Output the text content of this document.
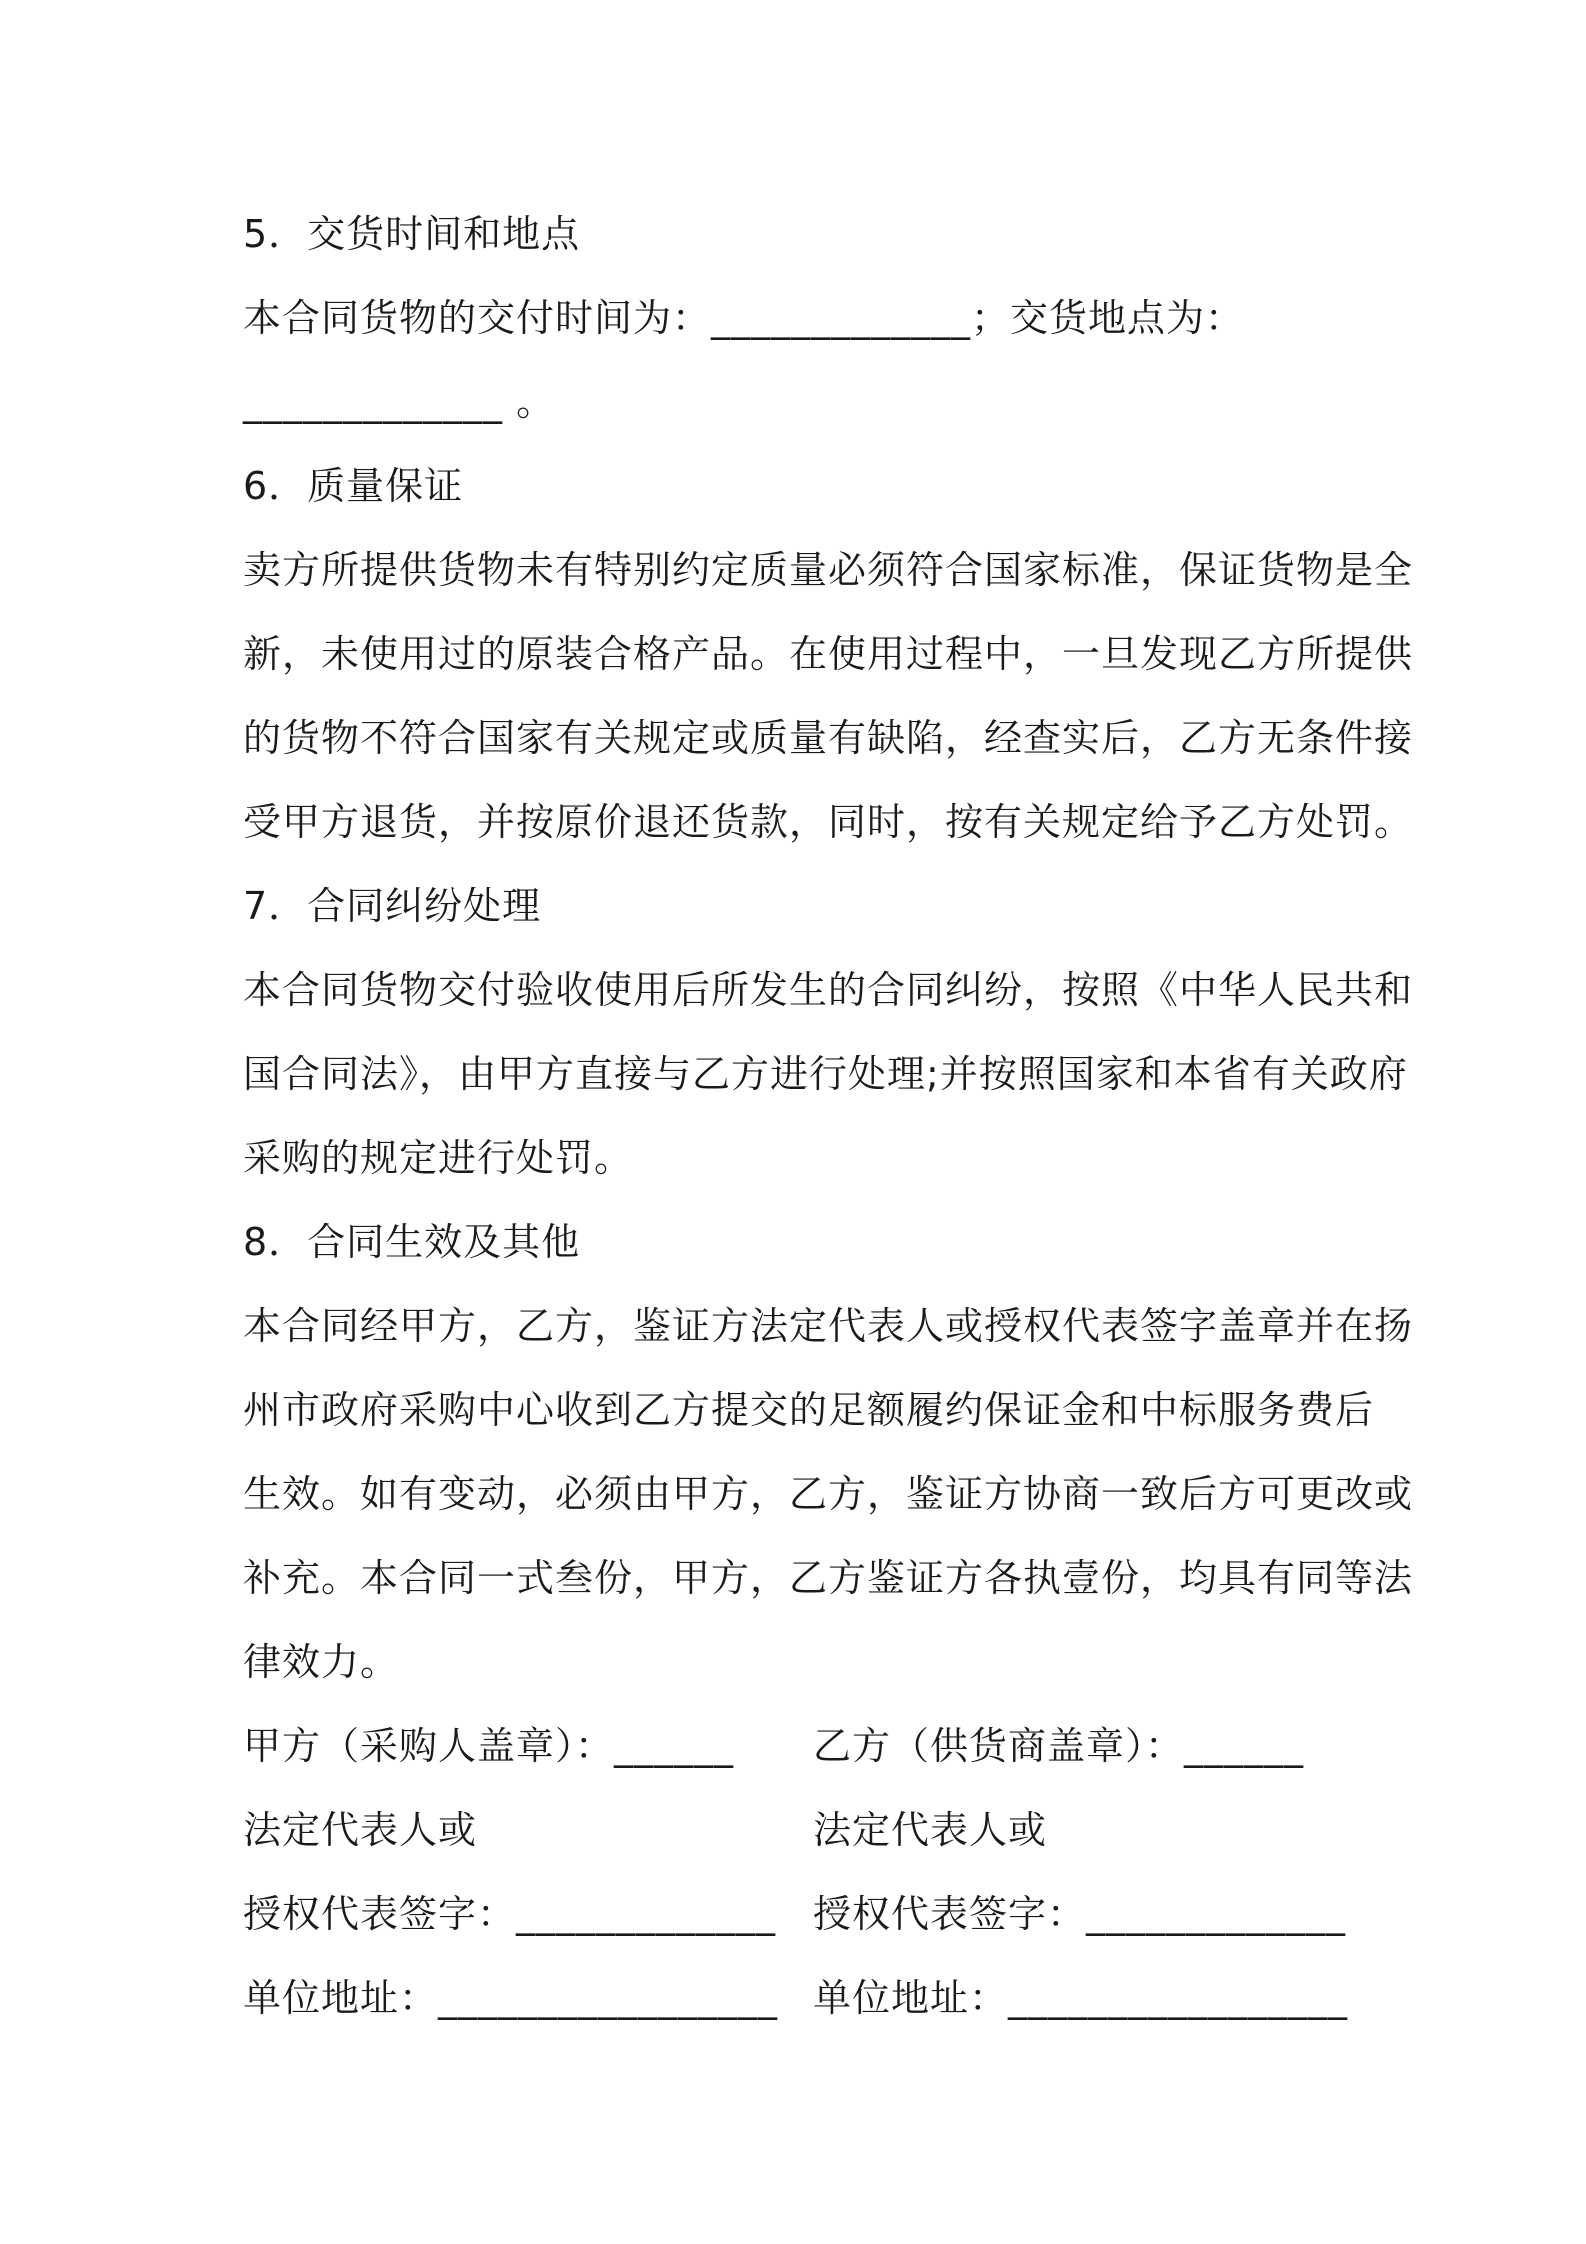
5．交货时间和地点
本合同货物的交付时间为：_____________；交货地点为：
_____________ 。
6．质量保证
卖方所提供货物未有特别约定质量必须符合国家标准，保证货物是全
新，未使用过的原装合格产品。在使用过程中，一旦发现乙方所提供
的货物不符合国家有关规定或质量有缺陷，经查实后，乙方无条件接
受甲方退货，并按原价退还货款，同时，按有关规定给予乙方处罚。
7．合同纠纷处理
本合同货物交付验收使用后所发生的合同纠纷，按照《中华人民共和
国合同法》，由甲方直接与乙方进行处理;并按照国家和本省有关政府
采购的规定进行处罚。
8．合同生效及其他
本合同经甲方，乙方，鉴证方法定代表人或授权代表签字盖章并在扬
州市政府采购中心收到乙方提交的足额履约保证金和中标服务费后
生效。如有变动，必须由甲方，乙方，鉴证方协商一致后方可更改或
补充。本合同一式叁份，甲方，乙方鉴证方各执壹份，均具有同等法
律效力。
甲方（采购人盖章）：______	乙方（供货商盖章）：______
法定代表人或	法定代表人或
授权代表签字：_____________ 授权代表签字：_____________
单位地址：_________________ 单位地址：_________________
